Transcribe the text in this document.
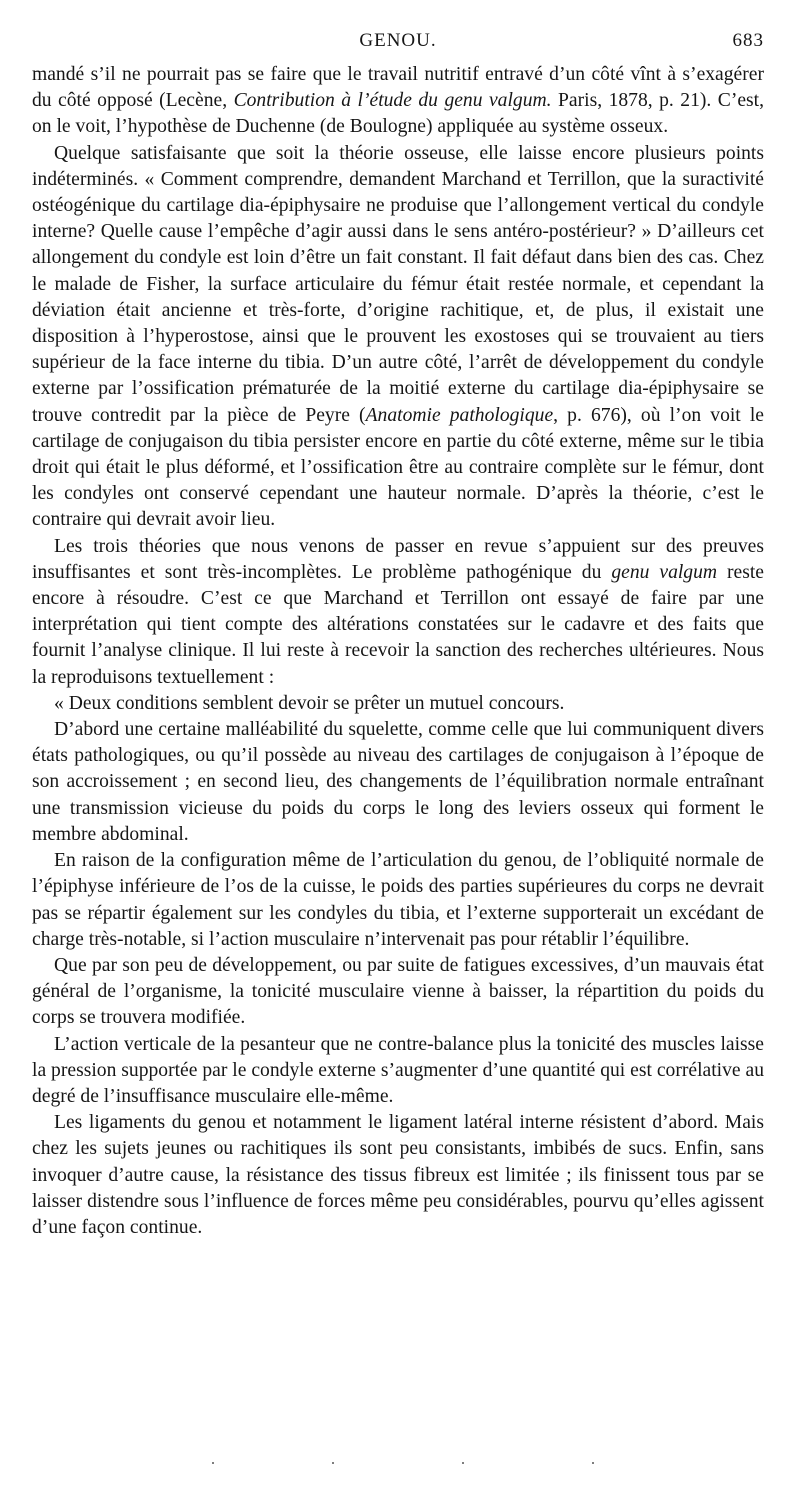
GENOU.	683

mandé s’il ne pourrait pas se faire que le travail nutritif entravé d’un côté vînt à s’exagérer du côté opposé (Lecène, Contribution à l’étude du genu valgum. Paris, 1878, p. 21). C’est, on le voit, l’hypothèse de Duchenne (de Boulogne) appliquée au système osseux.

Quelque satisfaisante que soit la théorie osseuse, elle laisse encore plusieurs points indéterminés. « Comment comprendre, demandent Marchand et Terrillon, que la suractivité ostéogénique du cartilage dia-épiphysaire ne produise que l’allongement vertical du condyle interne? Quelle cause l’empêche d’agir aussi dans le sens antéro-postérieur? » D’ailleurs cet allongement du condyle est loin d’être un fait constant. Il fait défaut dans bien des cas. Chez le malade de Fisher, la surface articulaire du fémur était restée normale, et cependant la déviation était ancienne et très-forte, d’origine rachitique, et, de plus, il existait une disposition à l’hyperostose, ainsi que le prouvent les exostoses qui se trouvaient au tiers supérieur de la face interne du tibia. D’un autre côté, l’arrêt de développement du condyle externe par l’ossification prématurée de la moitié externe du cartilage dia-épiphysaire se trouve contredit par la pièce de Peyre (Anatomie pathologique, p. 676), où l’on voit le cartilage de conjugaison du tibia persister encore en partie du côté externe, même sur le tibia droit qui était le plus déformé, et l’ossification être au contraire complète sur le fémur, dont les condyles ont conservé cependant une hauteur normale. D’après la théorie, c’est le contraire qui devrait avoir lieu.

Les trois théories que nous venons de passer en revue s’appuient sur des preuves insuffisantes et sont très-incomplètes. Le problème pathogénique du genu valgum reste encore à résoudre. C’est ce que Marchand et Terrillon ont essayé de faire par une interprétation qui tient compte des altérations constatées sur le cadavre et des faits que fournit l’analyse clinique. Il lui reste à recevoir la sanction des recherches ultérieures. Nous la reproduisons textuellement :

« Deux conditions semblent devoir se prêter un mutuel concours.

D’abord une certaine malléabilité du squelette, comme celle que lui communiquent divers états pathologiques, ou qu’il possède au niveau des cartilages de conjugaison à l’époque de son accroissement ; en second lieu, des changements de l’équilibration normale entraînant une transmission vicieuse du poids du corps le long des leviers osseux qui forment le membre abdominal.

En raison de la configuration même de l’articulation du genou, de l’obliquité normale de l’épiphyse inférieure de l’os de la cuisse, le poids des parties supérieures du corps ne devrait pas se répartir également sur les condyles du tibia, et l’externe supporterait un excédant de charge très-notable, si l’action musculaire n’intervenait pas pour rétablir l’équilibre.

Que par son peu de développement, ou par suite de fatigues excessives, d’un mauvais état général de l’organisme, la tonicité musculaire vienne à baisser, la répartition du poids du corps se trouvera modifiée.

L’action verticale de la pesanteur que ne contre-balance plus la tonicité des muscles laisse la pression supportée par le condyle externe s’augmenter d’une quantité qui est corrélative au degré de l’insuffisance musculaire elle-même.

Les ligaments du genou et notamment le ligament latéral interne résistent d’abord. Mais chez les sujets jeunes ou rachitiques ils sont peu consistants, imbibés de sucs. Enfin, sans invoquer d’autre cause, la résistance des tissus fibreux est limitée ; ils finissent tous par se laisser distendre sous l’influence de forces même peu considérables, pourvu qu’elles agissent d’une façon continue.
